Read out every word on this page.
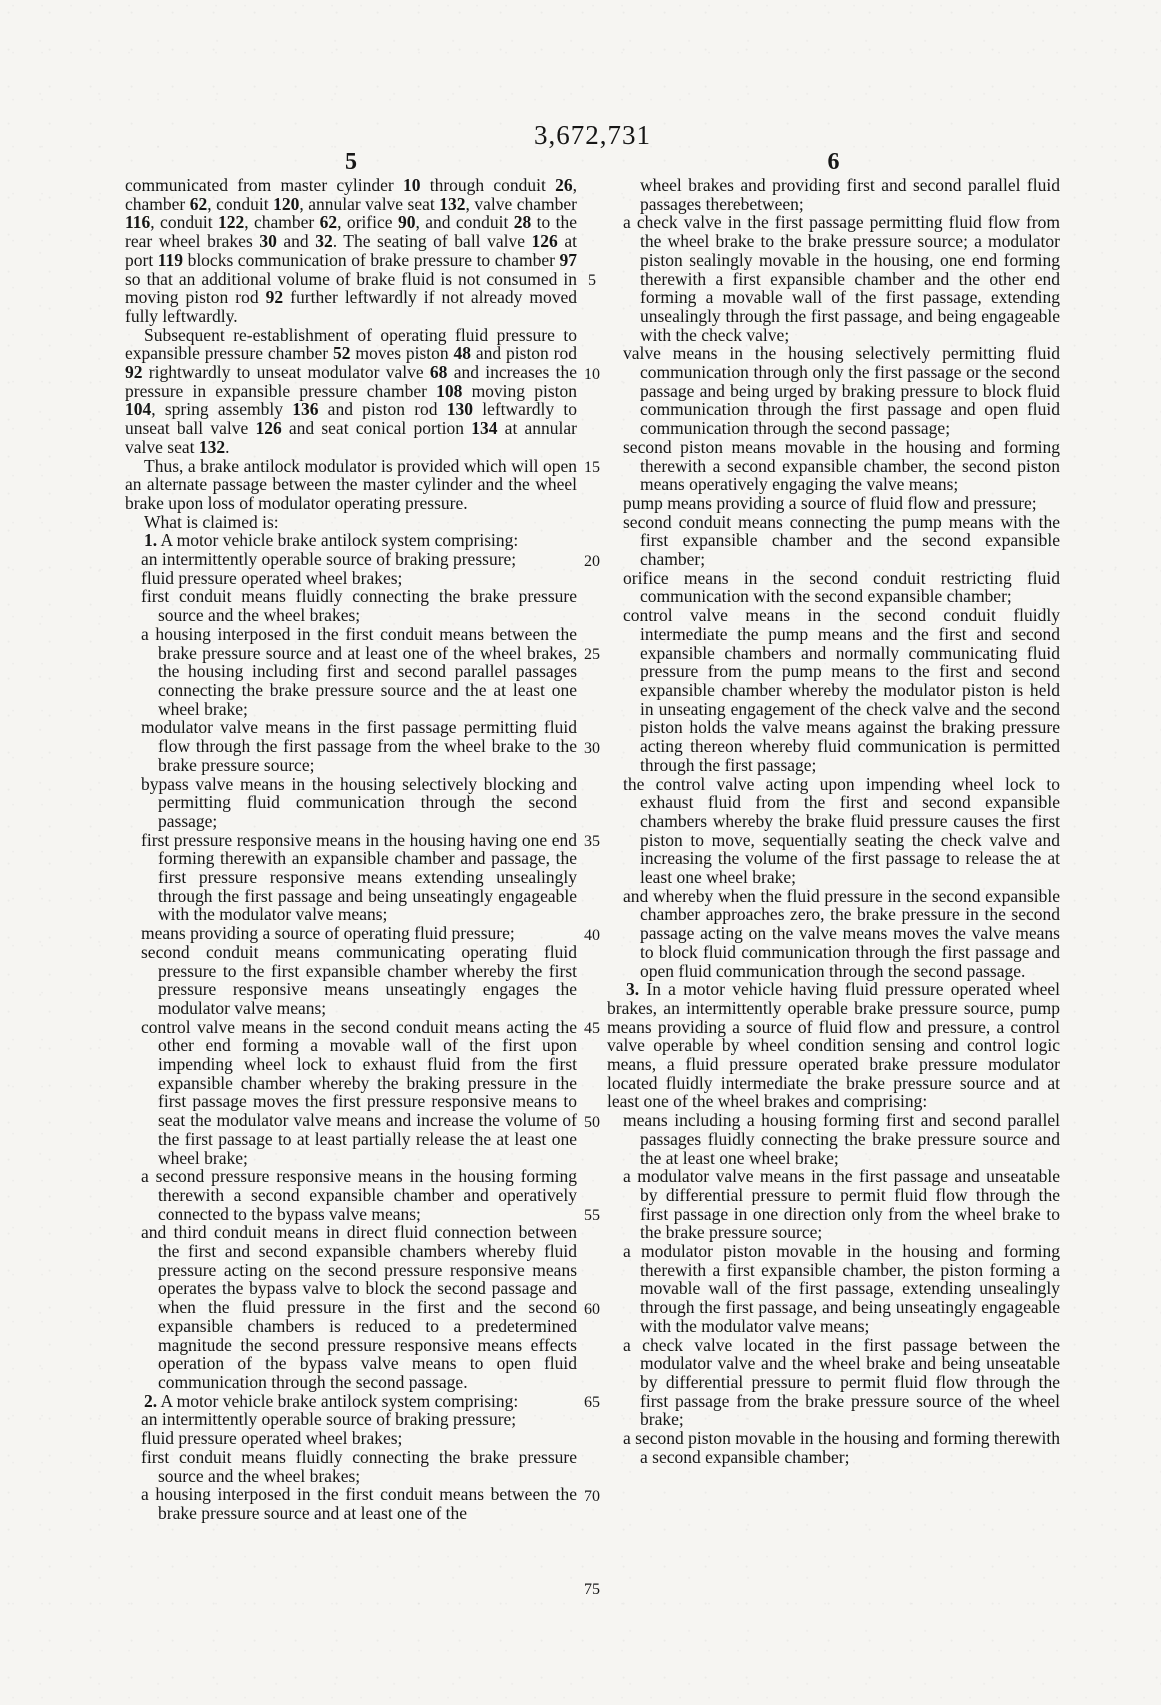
3,672,731
5
communicated from master cylinder 10 through conduit 26, chamber 62, conduit 120, annular valve seat 132, valve chamber 116, conduit 122, chamber 62, orifice 90, and conduit 28 to the rear wheel brakes 30 and 32. The seating of ball valve 126 at port 119 blocks communication of brake pressure to chamber 97 so that an additional volume of brake fluid is not consumed in moving piston rod 92 further leftwardly if not already moved fully leftwardly.
Subsequent re-establishment of operating fluid pressure to expansible pressure chamber 52 moves piston 48 and piston rod 92 rightwardly to unseat modulator valve 68 and increases the pressure in expansible pressure chamber 108 moving piston 104, spring assembly 136 and piston rod 130 leftwardly to unseat ball valve 126 and seat conical portion 134 at annular valve seat 132.
Thus, a brake antilock modulator is provided which will open an alternate passage between the master cylinder and the wheel brake upon loss of modulator operating pressure.
What is claimed is:
1. A motor vehicle brake antilock system comprising:
an intermittently operable source of braking pressure;
fluid pressure operated wheel brakes;
first conduit means fluidly connecting the brake pressure source and the wheel brakes;
a housing interposed in the first conduit means between the brake pressure source and at least one of the wheel brakes, the housing including first and second parallel passages connecting the brake pressure source and the at least one wheel brake;
modulator valve means in the first passage permitting fluid flow through the first passage from the wheel brake to the brake pressure source;
bypass valve means in the housing selectively blocking and permitting fluid communication through the second passage;
first pressure responsive means in the housing having one end forming therewith an expansible chamber and passage, the first pressure responsive means extending unsealingly through the first passage and being unseatingly engageable with the modulator valve means;
means providing a source of operating fluid pressure;
second conduit means communicating operating fluid pressure to the first expansible chamber whereby the first pressure responsive means unseatingly engages the modulator valve means;
control valve means in the second conduit means acting the other end forming a movable wall of the first upon impending wheel lock to exhaust fluid from the first expansible chamber whereby the braking pressure in the first passage moves the first pressure responsive means to seat the modulator valve means and increase the volume of the first passage to at least partially release the at least one wheel brake;
a second pressure responsive means in the housing forming therewith a second expansible chamber and operatively connected to the bypass valve means;
and third conduit means in direct fluid connection between the first and second expansible chambers whereby fluid pressure acting on the second pressure responsive means operates the bypass valve to block the second passage and when the fluid pressure in the first and the second expansible chambers is reduced to a predetermined magnitude the second pressure responsive means effects operation of the bypass valve means to open fluid communication through the second passage.
2. A motor vehicle brake antilock system comprising:
an intermittently operable source of braking pressure;
fluid pressure operated wheel brakes;
first conduit means fluidly connecting the brake pressure source and the wheel brakes;
a housing interposed in the first conduit means between the brake pressure source and at least one of the
6
wheel brakes and providing first and second parallel fluid passages therebetween;
a check valve in the first passage permitting fluid flow from the wheel brake to the brake pressure source; a modulator piston sealingly movable in the housing, one end forming therewith a first expansible chamber and the other end forming a movable wall of the first passage, extending unsealingly through the first passage, and being engageable with the check valve;
valve means in the housing selectively permitting fluid communication through only the first passage or the second passage and being urged by braking pressure to block fluid communication through the first passage and open fluid communication through the second passage;
second piston means movable in the housing and forming therewith a second expansible chamber, the second piston means operatively engaging the valve means;
pump means providing a source of fluid flow and pressure;
second conduit means connecting the pump means with the first expansible chamber and the second expansible chamber;
orifice means in the second conduit restricting fluid communication with the second expansible chamber;
control valve means in the second conduit fluidly intermediate the pump means and the first and second expansible chambers and normally communicating fluid pressure from the pump means to the first and second expansible chamber whereby the modulator piston is held in unseating engagement of the check valve and the second piston holds the valve means against the braking pressure acting thereon whereby fluid communication is permitted through the first passage;
the control valve acting upon impending wheel lock to exhaust fluid from the first and second expansible chambers whereby the brake fluid pressure causes the first piston to move, sequentially seating the check valve and increasing the volume of the first passage to release the at least one wheel brake;
and whereby when the fluid pressure in the second expansible chamber approaches zero, the brake pressure in the second passage acting on the valve means moves the valve means to block fluid communication through the first passage and open fluid communication through the second passage.
3. In a motor vehicle having fluid pressure operated wheel brakes, an intermittently operable brake pressure source, pump means providing a source of fluid flow and pressure, a control valve operable by wheel condition sensing and control logic means, a fluid pressure operated brake pressure modulator located fluidly intermediate the brake pressure source and at least one of the wheel brakes and comprising:
means including a housing forming first and second parallel passages fluidly connecting the brake pressure source and the at least one wheel brake;
a modulator valve means in the first passage and unseatable by differential pressure to permit fluid flow through the first passage in one direction only from the wheel brake to the brake pressure source;
a modulator piston movable in the housing and forming therewith a first expansible chamber, the piston forming a movable wall of the first passage, extending unsealingly through the first passage, and being unseatingly engageable with the modulator valve means;
a check valve located in the first passage between the modulator valve and the wheel brake and being unseatable by differential pressure to permit fluid flow through the first passage from the brake pressure source of the wheel brake;
a second piston movable in the housing and forming therewith a second expansible chamber;
5
10
15
20
25
30
35
40
45
50
55
60
65
70
75
